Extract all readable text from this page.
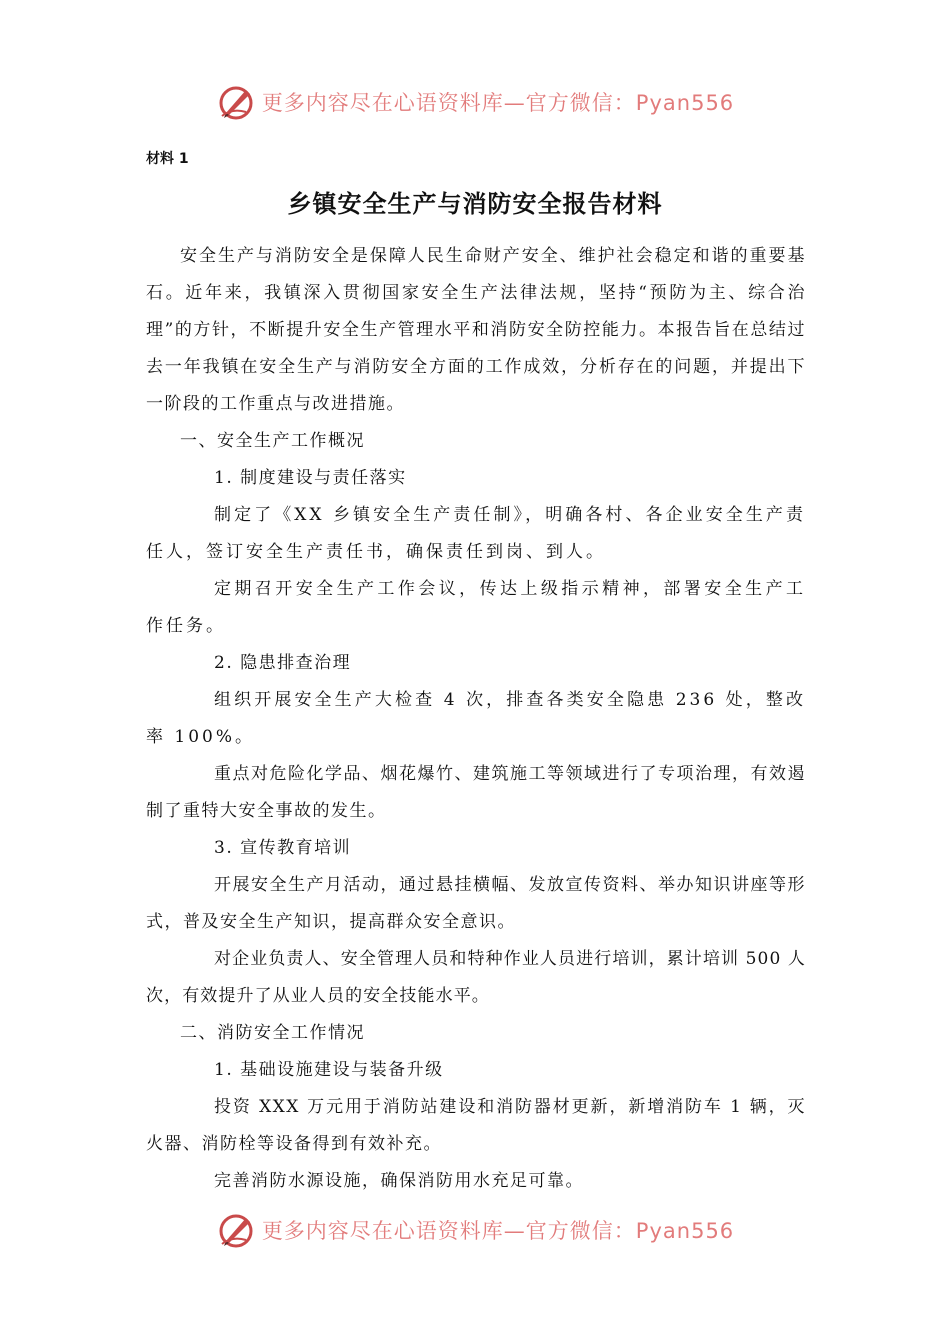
更多内容尽在心语资料库—官方微信：Pyan556
材料 1
乡镇安全生产与消防安全报告材料

安全生产与消防安全是保障人民生命财产安全、维护社会稳定和谐的重要基石。近年来，我镇深入贯彻国家安全生产法律法规，坚持“预防为主、综合治理”的方针，不断提升安全生产管理水平和消防安全防控能力。本报告旨在总结过去一年我镇在安全生产与消防安全方面的工作成效，分析存在的问题，并提出下一阶段的工作重点与改进措施。

一、安全生产工作概况

1. 制度建设与责任落实

制定了《XX 乡镇安全生产责任制》，明确各村、各企业安全生产责任人，签订安全生产责任书，确保责任到岗、到人。

定期召开安全生产工作会议，传达上级指示精神，部署安全生产工作任务。

2. 隐患排查治理

组织开展安全生产大检查 4 次，排查各类安全隐患 236 处，整改率 100%。

重点对危险化学品、烟花爆竹、建筑施工等领域进行了专项治理，有效遏制了重特大安全事故的发生。

3. 宣传教育培训

开展安全生产月活动，通过悬挂横幅、发放宣传资料、举办知识讲座等形式，普及安全生产知识，提高群众安全意识。

对企业负责人、安全管理人员和特种作业人员进行培训，累计培训 500 人次，有效提升了从业人员的安全技能水平。

二、消防安全工作情况

1. 基础设施建设与装备升级

投资 XXX 万元用于消防站建设和消防器材更新，新增消防车 1 辆，灭火器、消防栓等设备得到有效补充。

完善消防水源设施，确保消防用水充足可靠。

更多内容尽在心语资料库—官方微信：Pyan556
